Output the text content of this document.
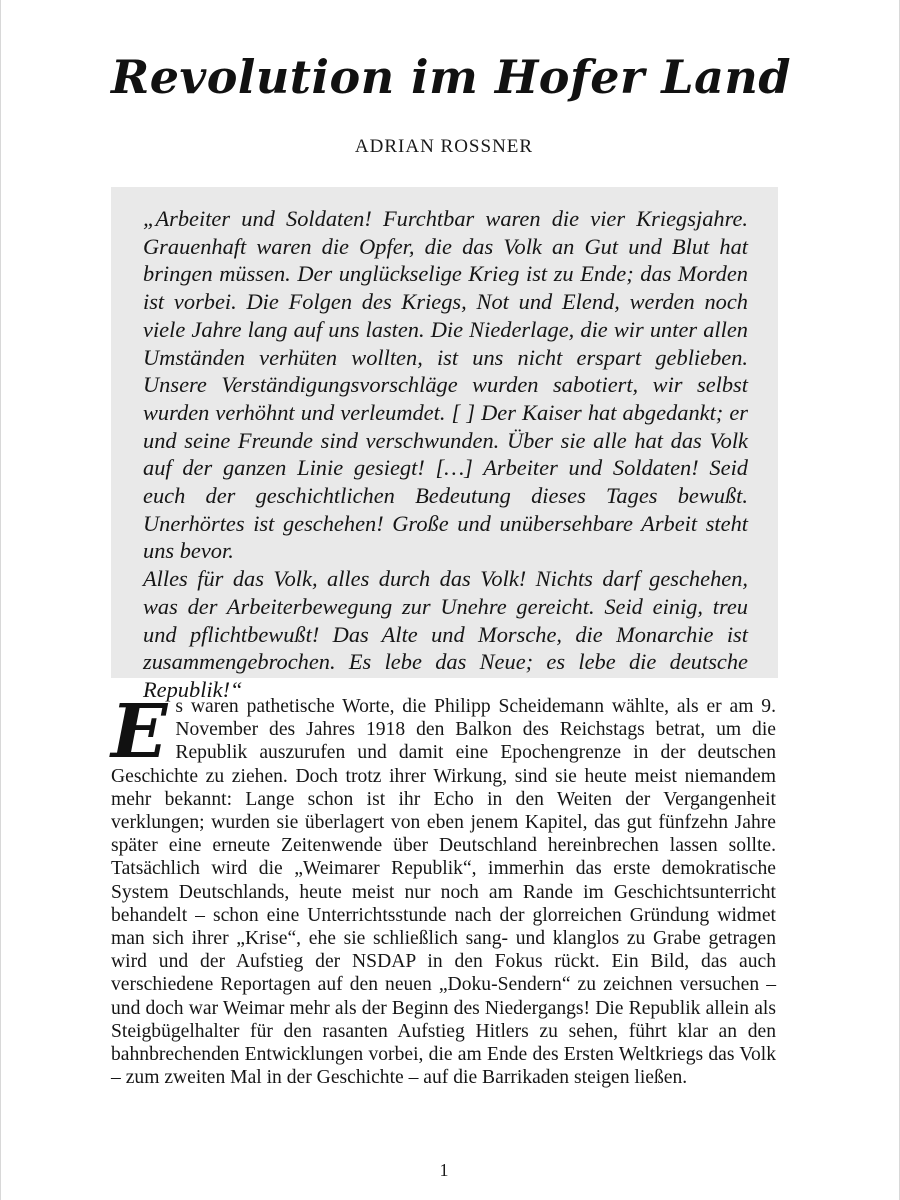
Revolution im Hofer Land
ADRIAN ROSSNER

„Arbeiter und Soldaten! Furchtbar waren die vier Kriegsjahre. Grauenhaft waren die Opfer, die das Volk an Gut und Blut hat bringen müssen. Der unglückselige Krieg ist zu Ende; das Morden ist vorbei. Die Folgen des Kriegs, Not und Elend, werden noch viele Jahre lang auf uns lasten. Die Niederlage, die wir unter allen Umständen verhüten wollten, ist uns nicht erspart geblieben. Unsere Verständigungsvorschläge wurden sabotiert, wir selbst wurden verhöhnt und verleumdet. [ ] Der Kaiser hat abgedankt; er und seine Freunde sind verschwunden. Über sie alle hat das Volk auf der ganzen Linie gesiegt! […] Arbeiter und Soldaten! Seid euch der geschichtlichen Bedeutung dieses Tages bewußt. Unerhörtes ist geschehen! Große und unübersehbare Arbeit steht uns bevor.

Alles für das Volk, alles durch das Volk! Nichts darf geschehen, was der Arbeiterbewegung zur Unehre gereicht. Seid einig, treu und pflichtbewußt! Das Alte und Morsche, die Monarchie ist zusammengebrochen. Es lebe das Neue; es lebe die deutsche Republik!“

E s waren pathetische Worte, die Philipp Scheidemann wählte, als er am 9. November des Jahres 1918 den Balkon des Reichstags betrat, um die Republik auszurufen und damit eine Epochengrenze in der deutschen Geschichte zu ziehen. Doch trotz ihrer Wirkung, sind sie heute meist niemandem mehr bekannt: Lange schon ist ihr Echo in den Weiten der Vergangenheit verklungen; wurden sie überlagert von eben jenem Kapitel, das gut fünfzehn Jahre später eine erneute Zeitenwende über Deutschland hereinbrechen lassen sollte. Tatsächlich wird die „Weimarer Republik“, immerhin das erste demokratische System Deutschlands, heute meist nur noch am Rande im Geschichtsunterricht behandelt – schon eine Unterrichtsstunde nach der glorreichen Gründung widmet man sich ihrer „Krise“, ehe sie schließlich sang- und klanglos zu Grabe getragen wird und der Aufstieg der NSDAP in den Fokus rückt. Ein Bild, das auch verschiedene Reportagen auf den neuen „Doku-Sendern“ zu zeichnen versuchen – und doch war Weimar mehr als der Beginn des Niedergangs! Die Republik allein als Steigbügelhalter für den rasanten Aufstieg Hitlers zu sehen, führt klar an den bahnbrechenden Entwicklungen vorbei, die am Ende des Ersten Weltkriegs das Volk – zum zweiten Mal in der Geschichte – auf die Barrikaden steigen ließen.

1
